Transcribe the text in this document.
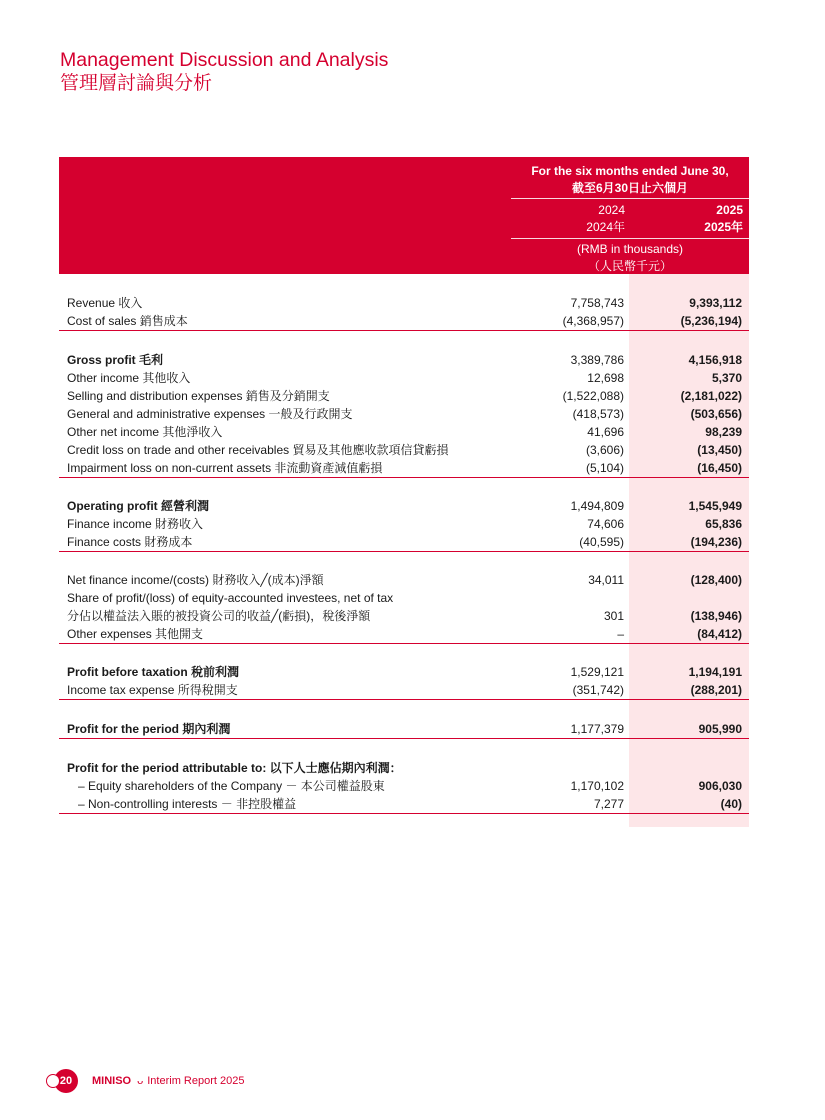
Management Discussion and Analysis
管理層討論與分析
For the six months ended June 30,
截至6月30日止六個月
2024	2025
2024年	2025年
(RMB in thousands)
（人民幣千元）
Revenue 收入	7,758,743	9,393,112
Cost of sales 銷售成本	(4,368,957)	(5,236,194)
Gross profit 毛利	3,389,786	4,156,918
Other income 其他收入	12,698	5,370
Selling and distribution expenses 銷售及分銷開支	(1,522,088)	(2,181,022)
General and administrative expenses 一般及行政開支	(418,573)	(503,656)
Other net income 其他淨收入	41,696	98,239
Credit loss on trade and other receivables 貿易及其他應收款項信貸虧損	(3,606)	(13,450)
Impairment loss on non-current assets 非流動資產減值虧損	(5,104)	(16,450)
Operating profit 經營利潤	1,494,809	1,545,949
Finance income 財務收入	74,606	65,836
Finance costs 財務成本	(40,595)	(194,236)
Net finance income/(costs) 財務收入╱(成本)淨額	34,011	(128,400)
Share of profit/(loss) of equity-accounted investees, net of tax
分佔以權益法入賬的被投資公司的收益╱(虧損)，稅後淨額	301	(138,946)
Other expenses 其他開支	–	(84,412)
Profit before taxation 稅前利潤	1,529,121	1,194,191
Income tax expense 所得稅開支	(351,742)	(288,201)
Profit for the period 期內利潤	1,177,379	905,990
Profit for the period attributable to: 以下人士應佔期內利潤：
– Equity shareholders of the Company － 本公司權益股東	1,170,102	906,030
– Non-controlling interests － 非控股權益	7,277	(40)
20	MINISO ᴗ Interim Report 2025
